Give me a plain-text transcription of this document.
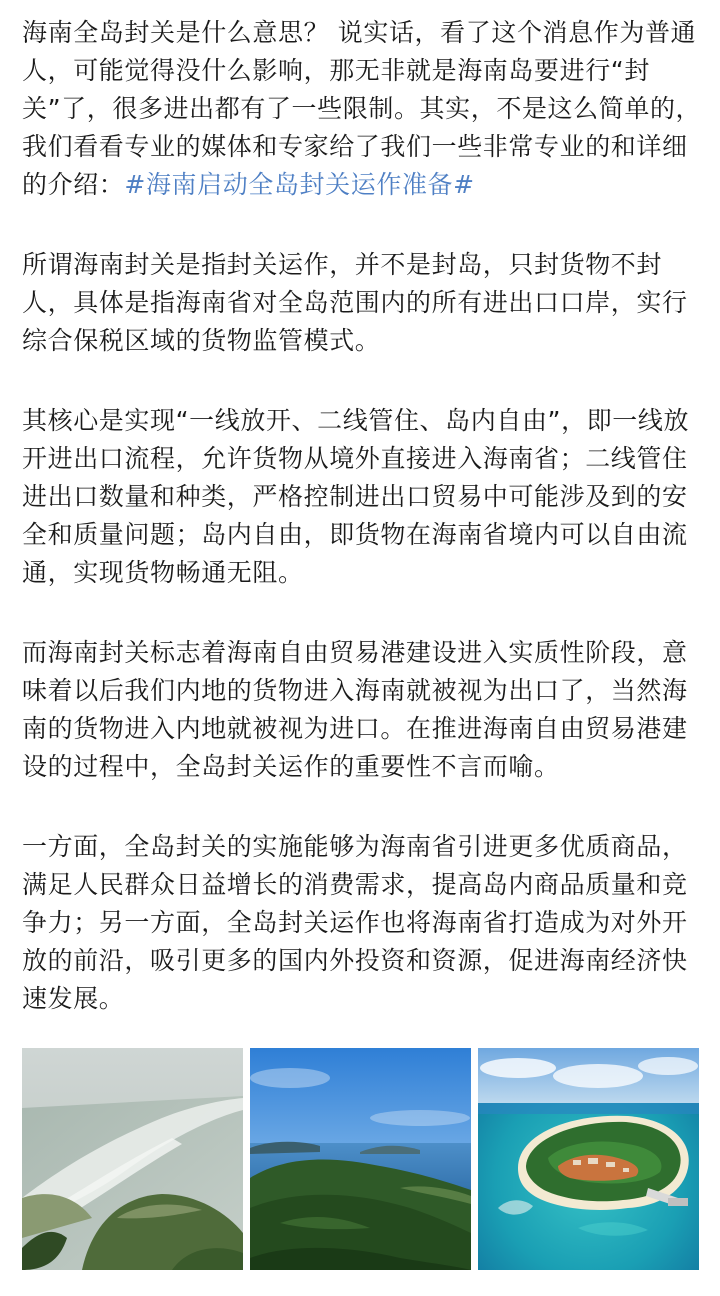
海南全岛封关是什么意思？ 说实话，看了这个消息作为普通人，可能觉得没什么影响，那无非就是海南岛要进行“封关”了，很多进出都有了一些限制。其实，不是这么简单的，我们看看专业的媒体和专家给了我们一些非常专业的和详细的介绍：#海南启动全岛封关运作准备#

所谓海南封关是指封关运作，并不是封岛，只封货物不封人，具体是指海南省对全岛范围内的所有进出口口岸，实行综合保税区域的货物监管模式。

其核心是实现“一线放开、二线管住、岛内自由”，即一线放开进出口流程，允许货物从境外直接进入海南省；二线管住进出口数量和种类，严格控制进出口贸易中可能涉及到的安全和质量问题；岛内自由，即货物在海南省境内可以自由流通，实现货物畅通无阻。

而海南封关标志着海南自由贸易港建设进入实质性阶段，意味着以后我们内地的货物进入海南就被视为出口了，当然海南的货物进入内地就被视为进口。在推进海南自由贸易港建设的过程中，全岛封关运作的重要性不言而喻。

一方面，全岛封关的实施能够为海南省引进更多优质商品，满足人民群众日益增长的消费需求，提高岛内商品质量和竞争力；另一方面，全岛封关运作也将海南省打造成为对外开放的前沿，吸引更多的国内外投资和资源，促进海南经济快速发展。
